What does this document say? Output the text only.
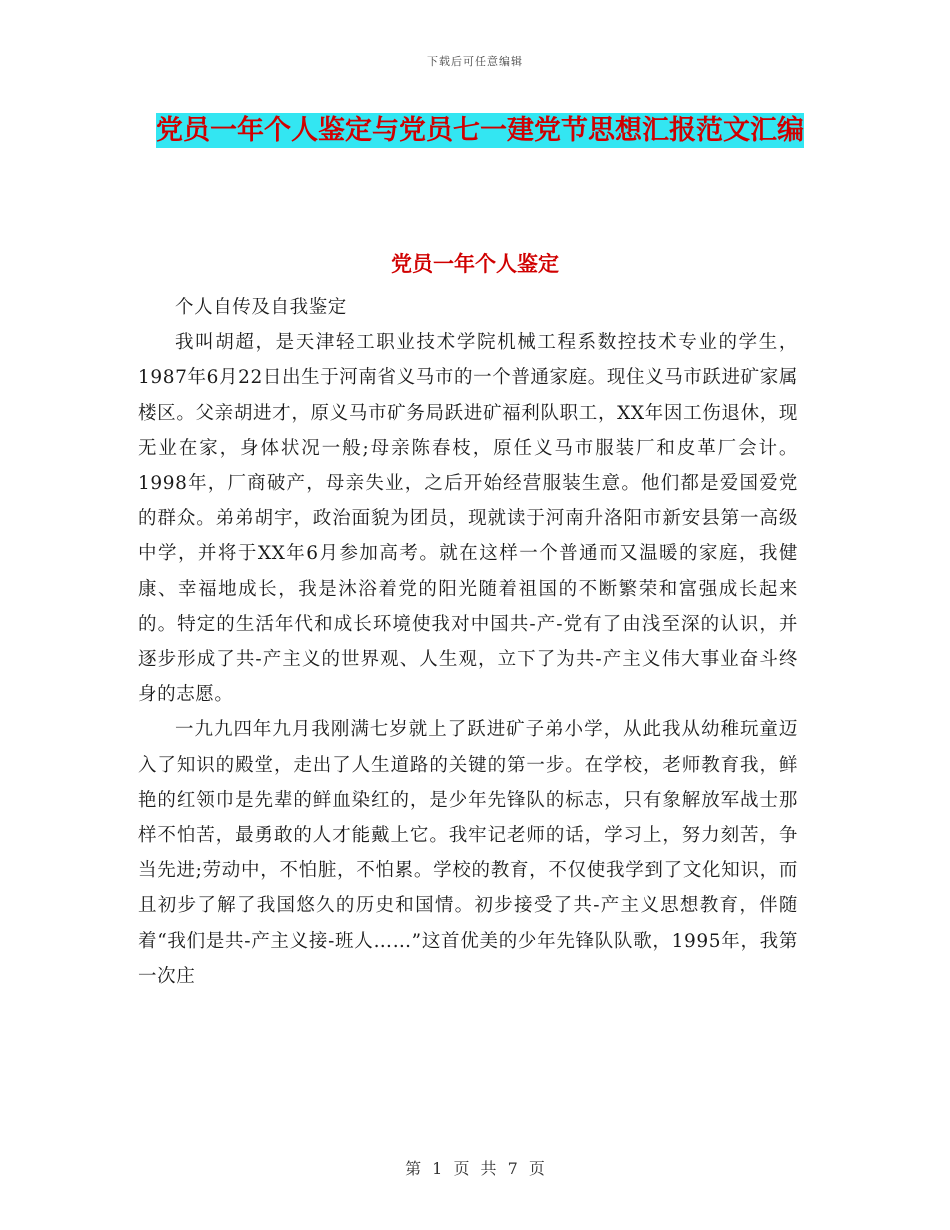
下载后可任意编辑
党员一年个人鉴定与党员七一建党节思想汇报范文汇编
党员一年个人鉴定

个人自传及自我鉴定

我叫胡超，是天津轻工职业技术学院机械工程系数控技术专业的学生， 1987年6月22日出生于河南省义马市的一个普通家庭。现住义马市跃进矿家属楼区。父亲胡进才，原义马市矿务局跃进矿福利队职工，XX年因工伤退休，现无业在家，身体状况一般;母亲陈春枝，原任义马市服装厂和皮革厂会计。1998年，厂商破产，母亲失业，之后开始经营服装生意。他们都是爱国爱党的群众。弟弟胡宇，政治面貌为团员，现就读于河南升洛阳市新安县第一高级中学，并将于XX年6月参加高考。就在这样一个普通而又温暖的家庭，我健康、幸福地成长，我是沐浴着党的阳光随着祖国的不断繁荣和富强成长起来的。特定的生活年代和成长环境使我对中国共-产-党有了由浅至深的认识，并逐步形成了共-产主义的世界观、人生观，立下了为共-产主义伟大事业奋斗终身的志愿。

一九九四年九月我刚满七岁就上了跃进矿子弟小学，从此我从幼稚玩童迈入了知识的殿堂，走出了人生道路的关键的第一步。在学校，老师教育我，鲜艳的红领巾是先辈的鲜血染红的，是少年先锋队的标志，只有象解放军战士那样不怕苦，最勇敢的人才能戴上它。我牢记老师的话，学习上，努力刻苦，争当先进;劳动中，不怕脏，不怕累。学校的教育，不仅使我学到了文化知识，而且初步了解了我国悠久的历史和国情。初步接受了共-产主义思想教育，伴随着“我们是共-产主义接-班人……”这首优美的少年先锋队队歌，1995年，我第一次庄

第 1 页 共 7 页
